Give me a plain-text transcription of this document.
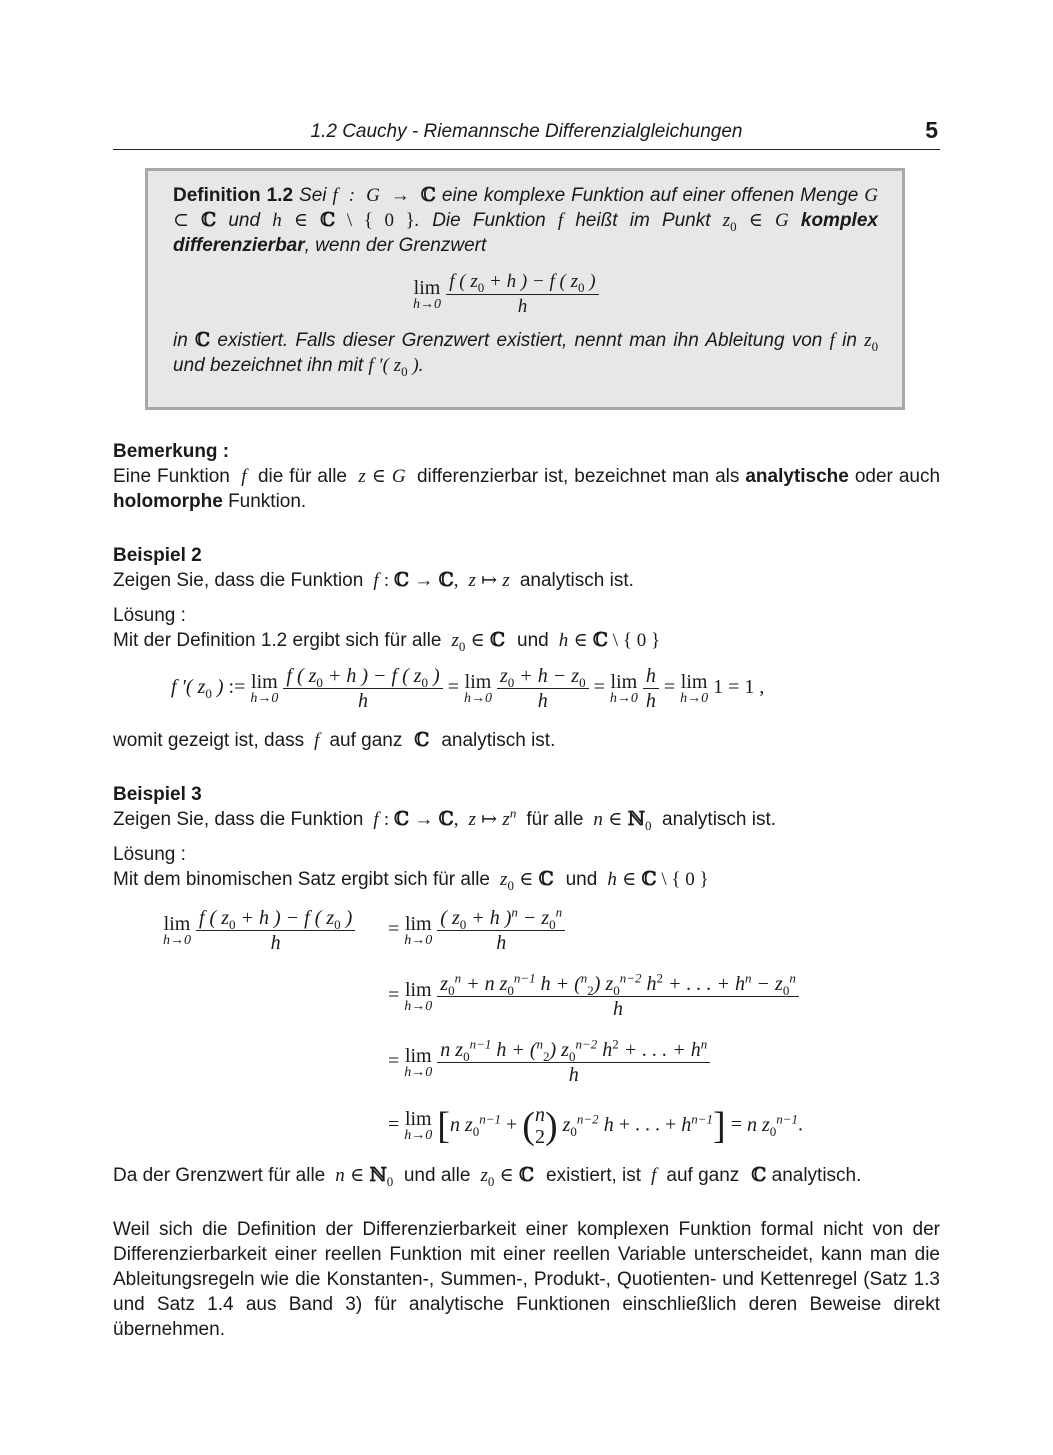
1.2 Cauchy - Riemannsche Differenzialgleichungen	5

Definition 1.2 Sei f  :  G  → ℂ eine komplexe Funktion auf einer offenen Menge G ⊂ ℂ und h ∈ ℂ \ { 0 }. Die Funktion f heißt im Punkt $z_0$ ∈ G komplex differenzierbar, wenn der Grenzwert

lim
h→0
$\frac{f ( z_0 + h ) - f ( z_0 )}{h}$

in ℂ existiert. Falls dieser Grenzwert existiert, nennt man ihn Ableitung von f in $z_0$ und bezeichnet ihn mit f ′( $z_0$ ).

Bemerkung :

Eine Funktion  f  die für alle  z ∈ G  differenzierbar ist, bezeichnet man als analytische oder auch holomorphe Funktion.

Beispiel 2

Zeigen Sie, dass die Funktion  f : ℂ → ℂ,  z ↦ z  analytisch ist.

Lösung :

Mit der Definition 1.2 ergibt sich für alle  $z_0$ ∈ ℂ  und  h ∈ ℂ \ { 0 }

f ′( $z_0$ ) := lim
h→0
$\frac{f ( z_0 + h ) - f ( z_0 )}{h} = \lim$
h→0
$\frac{z_0 + h - z_0}{h} = \lim$
h→0
$\frac{h}{h} = \lim$
h→0 1 = 1 ,

womit gezeigt ist, dass  f  auf ganz  ℂ  analytisch ist.

Beispiel 3

Zeigen Sie, dass die Funktion  f : ℂ → ℂ,  z ↦ $z^n$ für alle  n ∈ ℕ$_0$ analytisch ist.

Lösung :

Mit dem binomischen Satz ergibt sich für alle  $z_0$ ∈ ℂ  und  h ∈ ℂ \ { 0 }

lim
h→0
$\frac{f ( z_0 + h ) - f ( z_0 )}{h} = \lim$
h→0
$\frac{( z_0 + h )^n - z_0^n}{h}$
= lim
h→0
$\frac{z_0^n + n z_0^{n-1} h + (^n_2) z_0^{n-2} h^2 + . . . + h^n - z_0^n}{h}$
= lim
h→0
$\frac{n z_0^{n-1} h + (^n_2) z_0^{n-2} h^2 + . . . + h^n}{h}$
= lim
h→0 [n $z_0^{n-1}$ + ( n
2 ) $z_0^{n-2}$ h + . . . + $h^{n-1}] = n$ $z_0^{n-1}$.

Da der Grenzwert für alle  n ∈ ℕ$_0$ und alle  $z_0$ ∈ ℂ  existiert, ist  f  auf ganz  ℂ analytisch.

Weil sich die Definition der Differenzierbarkeit einer komplexen Funktion formal nicht von der Differenzierbarkeit einer reellen Funktion mit einer reellen Variable unterscheidet, kann man die Ableitungsregeln wie die Konstanten-, Summen-, Produkt-, Quotienten- und Kettenregel (Satz 1.3 und Satz 1.4 aus Band 3) für analytische Funktionen einschließlich deren Beweise direkt übernehmen.
